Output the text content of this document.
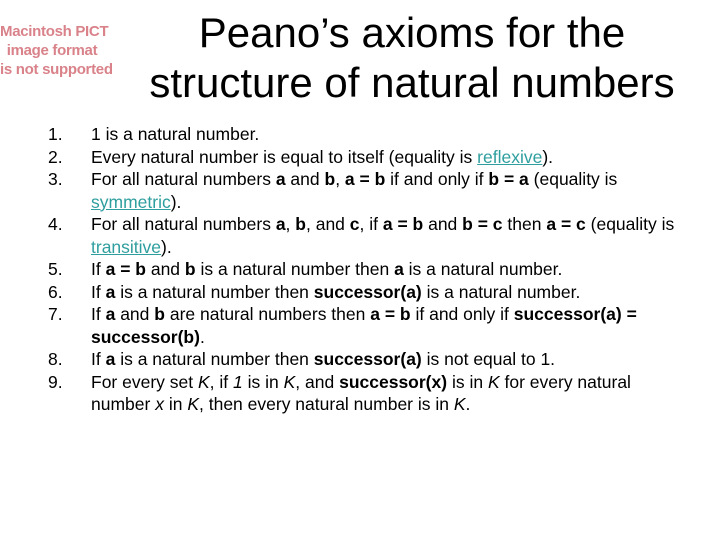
Macintosh PICT
image format
is not supported
Peano’s axioms for the
structure of natural numbers
1. 1 is a natural number.
2. Every natural number is equal to itself (equality is reflexive).
3. For all natural numbers a and b, a = b if and only if b = a (equality is symmetric).
4. For all natural numbers a, b, and c, if a = b and b = c then a = c (equality is transitive).
5. If a = b and b is a natural number then a is a natural number.
6. If a is a natural number then successor(a) is a natural number.
7. If a and b are natural numbers then a = b if and only if successor(a) = successor(b).
8. If a is a natural number then successor(a) is not equal to 1.
9. For every set K, if 1 is in K, and successor(x) is in K for every natural number x in K, then every natural number is in K.
